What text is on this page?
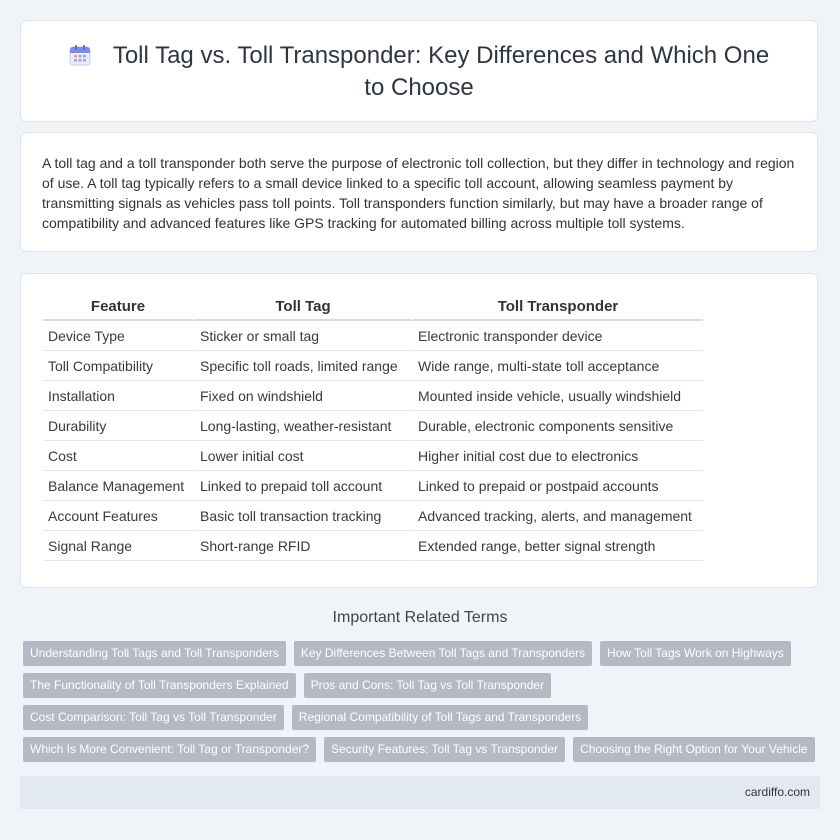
Toll Tag vs. Toll Transponder: Key Differences and Which One to Choose

A toll tag and a toll transponder both serve the purpose of electronic toll collection, but they differ in technology and region of use. A toll tag typically refers to a small device linked to a specific toll account, allowing seamless payment by transmitting signals as vehicles pass toll points. Toll transponders function similarly, but may have a broader range of compatibility and advanced features like GPS tracking for automated billing across multiple toll systems.

Feature	Toll Tag	Toll Transponder
Device Type	Sticker or small tag	Electronic transponder device
Toll Compatibility	Specific toll roads, limited range	Wide range, multi-state toll acceptance
Installation	Fixed on windshield	Mounted inside vehicle, usually windshield
Durability	Long-lasting, weather-resistant	Durable, electronic components sensitive
Cost	Lower initial cost	Higher initial cost due to electronics
Balance Management	Linked to prepaid toll account	Linked to prepaid or postpaid accounts
Account Features	Basic toll transaction tracking	Advanced tracking, alerts, and management
Signal Range	Short-range RFID	Extended range, better signal strength
Important Related Terms
Understanding Toll Tags and Toll Transponders	Key Differences Between Toll Tags and Transponders	How Toll Tags Work on Highways
The Functionality of Toll Transponders Explained	Pros and Cons: Toll Tag vs Toll Transponder
Cost Comparison: Toll Tag vs Toll Transponder	Regional Compatibility of Toll Tags and Transponders
Which Is More Convenient: Toll Tag or Transponder?	Security Features: Toll Tag vs Transponder	Choosing the Right Option for Your Vehicle
cardiffo.com
